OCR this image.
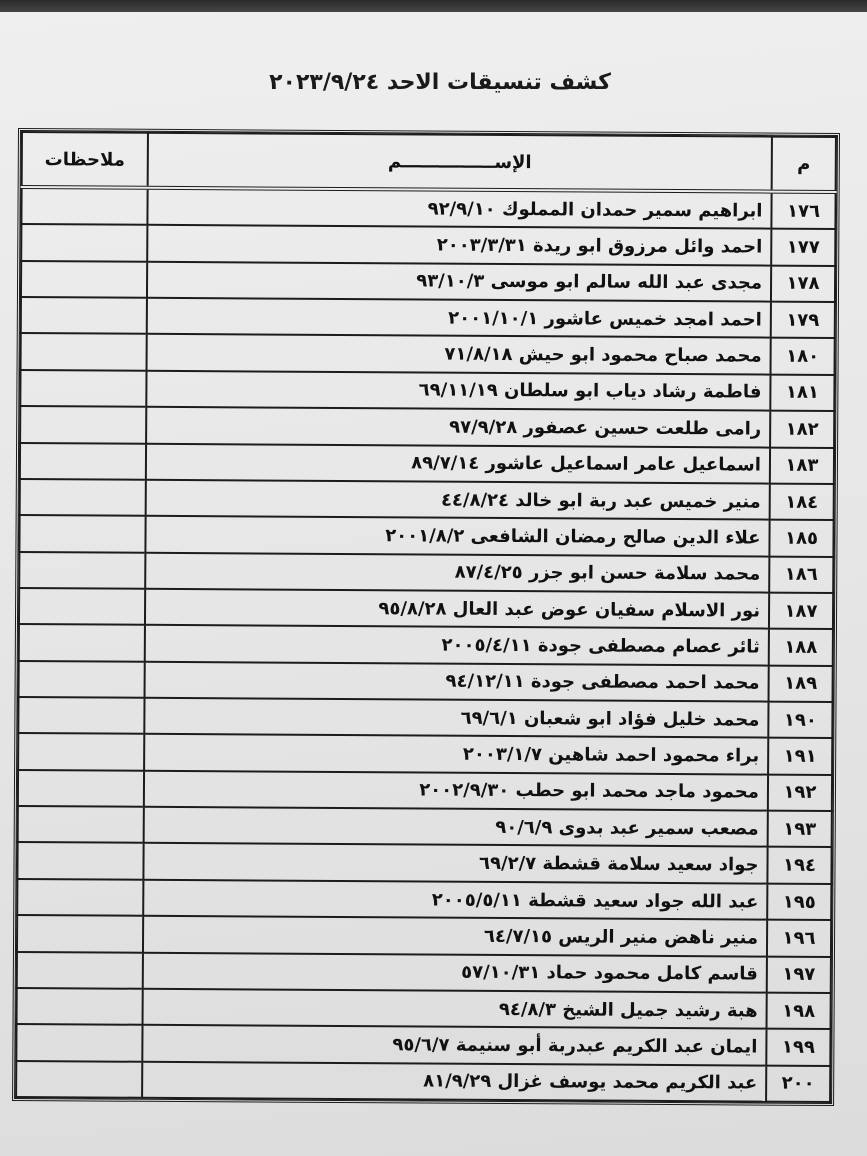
كشف تنسيقات الاحد ٢٠٢٣/٩/٢٤
م	الإســـــــــــــــم	ملاحظات
١٧٦	ابراهيم سمير حمدان المملوك ٩٢/٩/١٠	
١٧٧	احمد وائل مرزوق ابو ريدة ٢٠٠٣/٣/٣١	
١٧٨	مجدى عبد الله سالم ابو موسى ٩٣/١٠/٣	
١٧٩	احمد امجد خميس عاشور ٢٠٠١/١٠/١	
١٨٠	محمد صباح محمود ابو حيش ٧١/٨/١٨	
١٨١	فاطمة رشاد دياب ابو سلطان ٦٩/١١/١٩	
١٨٢	رامى طلعت حسين عصفور ٩٧/٩/٢٨	
١٨٣	اسماعيل عامر اسماعيل عاشور ٨٩/٧/١٤	
١٨٤	منير خميس عبد ربة ابو خالد ٤٤/٨/٢٤	
١٨٥	علاء الدين صالح رمضان الشافعى ٢٠٠١/٨/٢	
١٨٦	محمد سلامة حسن ابو جزر ٨٧/٤/٢٥	
١٨٧	نور الاسلام سفيان عوض عبد العال ٩٥/٨/٢٨	
١٨٨	ثائر عصام مصطفى جودة ٢٠٠٥/٤/١١	
١٨٩	محمد احمد مصطفى جودة ٩٤/١٢/١١	
١٩٠	محمد خليل فؤاد ابو شعبان ٦٩/٦/١	
١٩١	براء محمود احمد شاهين ٢٠٠٣/١/٧	
١٩٢	محمود ماجد محمد ابو حطب ٢٠٠٢/٩/٣٠	
١٩٣	مصعب سمير عبد بدوى ٩٠/٦/٩	
١٩٤	جواد سعيد سلامة قشطة ٦٩/٢/٧	
١٩٥	عبد الله جواد سعيد قشطة ٢٠٠٥/٥/١١	
١٩٦	منير ناهض منير الريس ٦٤/٧/١٥	
١٩٧	قاسم كامل محمود حماد ٥٧/١٠/٣١	
١٩٨	هبة رشيد جميل الشيخ ٩٤/٨/٣	
١٩٩	ايمان عبد الكريم عبدربة أبو سنيمة ٩٥/٦/٧	
٢٠٠	عبد الكريم محمد يوسف غزال ٨١/٩/٢٩	
